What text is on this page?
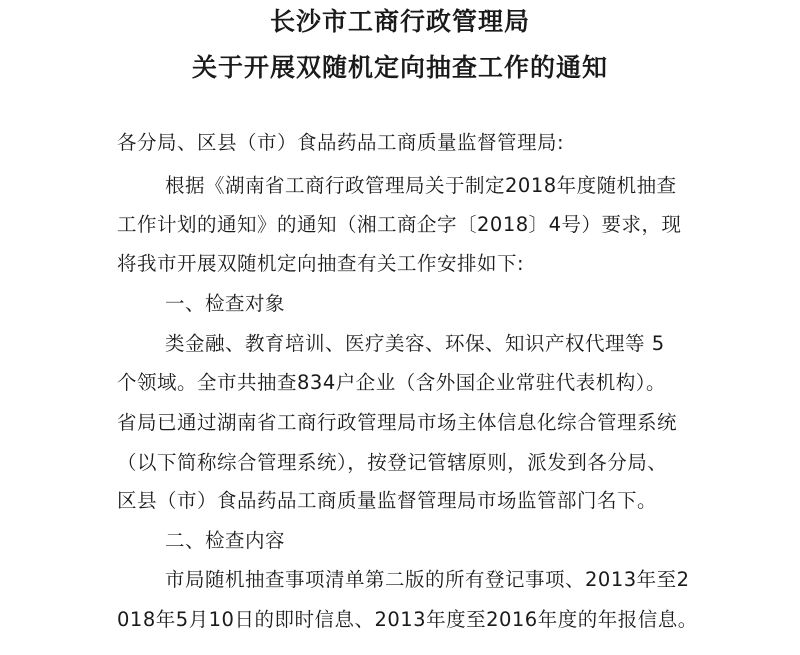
长沙市工商行政管理局
关于开展双随机定向抽查工作的通知
各分局、区县（市）食品药品工商质量监督管理局:
根据《湖南省工商行政管理局关于制定2018年度随机抽查
工作计划的通知》的通知（湘工商企字〔2018〕4号）要求，现
将我市开展双随机定向抽查有关工作安排如下:
一、检查对象
类金融、教育培训、医疗美容、环保、知识产权代理等 5
个领域。全市共抽查834户企业（含外国企业常驻代表机构）。
省局已通过湖南省工商行政管理局市场主体信息化综合管理系统
（以下简称综合管理系统），按登记管辖原则，派发到各分局、
区县（市）食品药品工商质量监督管理局市场监管部门名下。
二、检查内容
市局随机抽查事项清单第二版的所有登记事项、2013年至2
018年5月10日的即时信息、2013年度至2016年度的年报信息。
